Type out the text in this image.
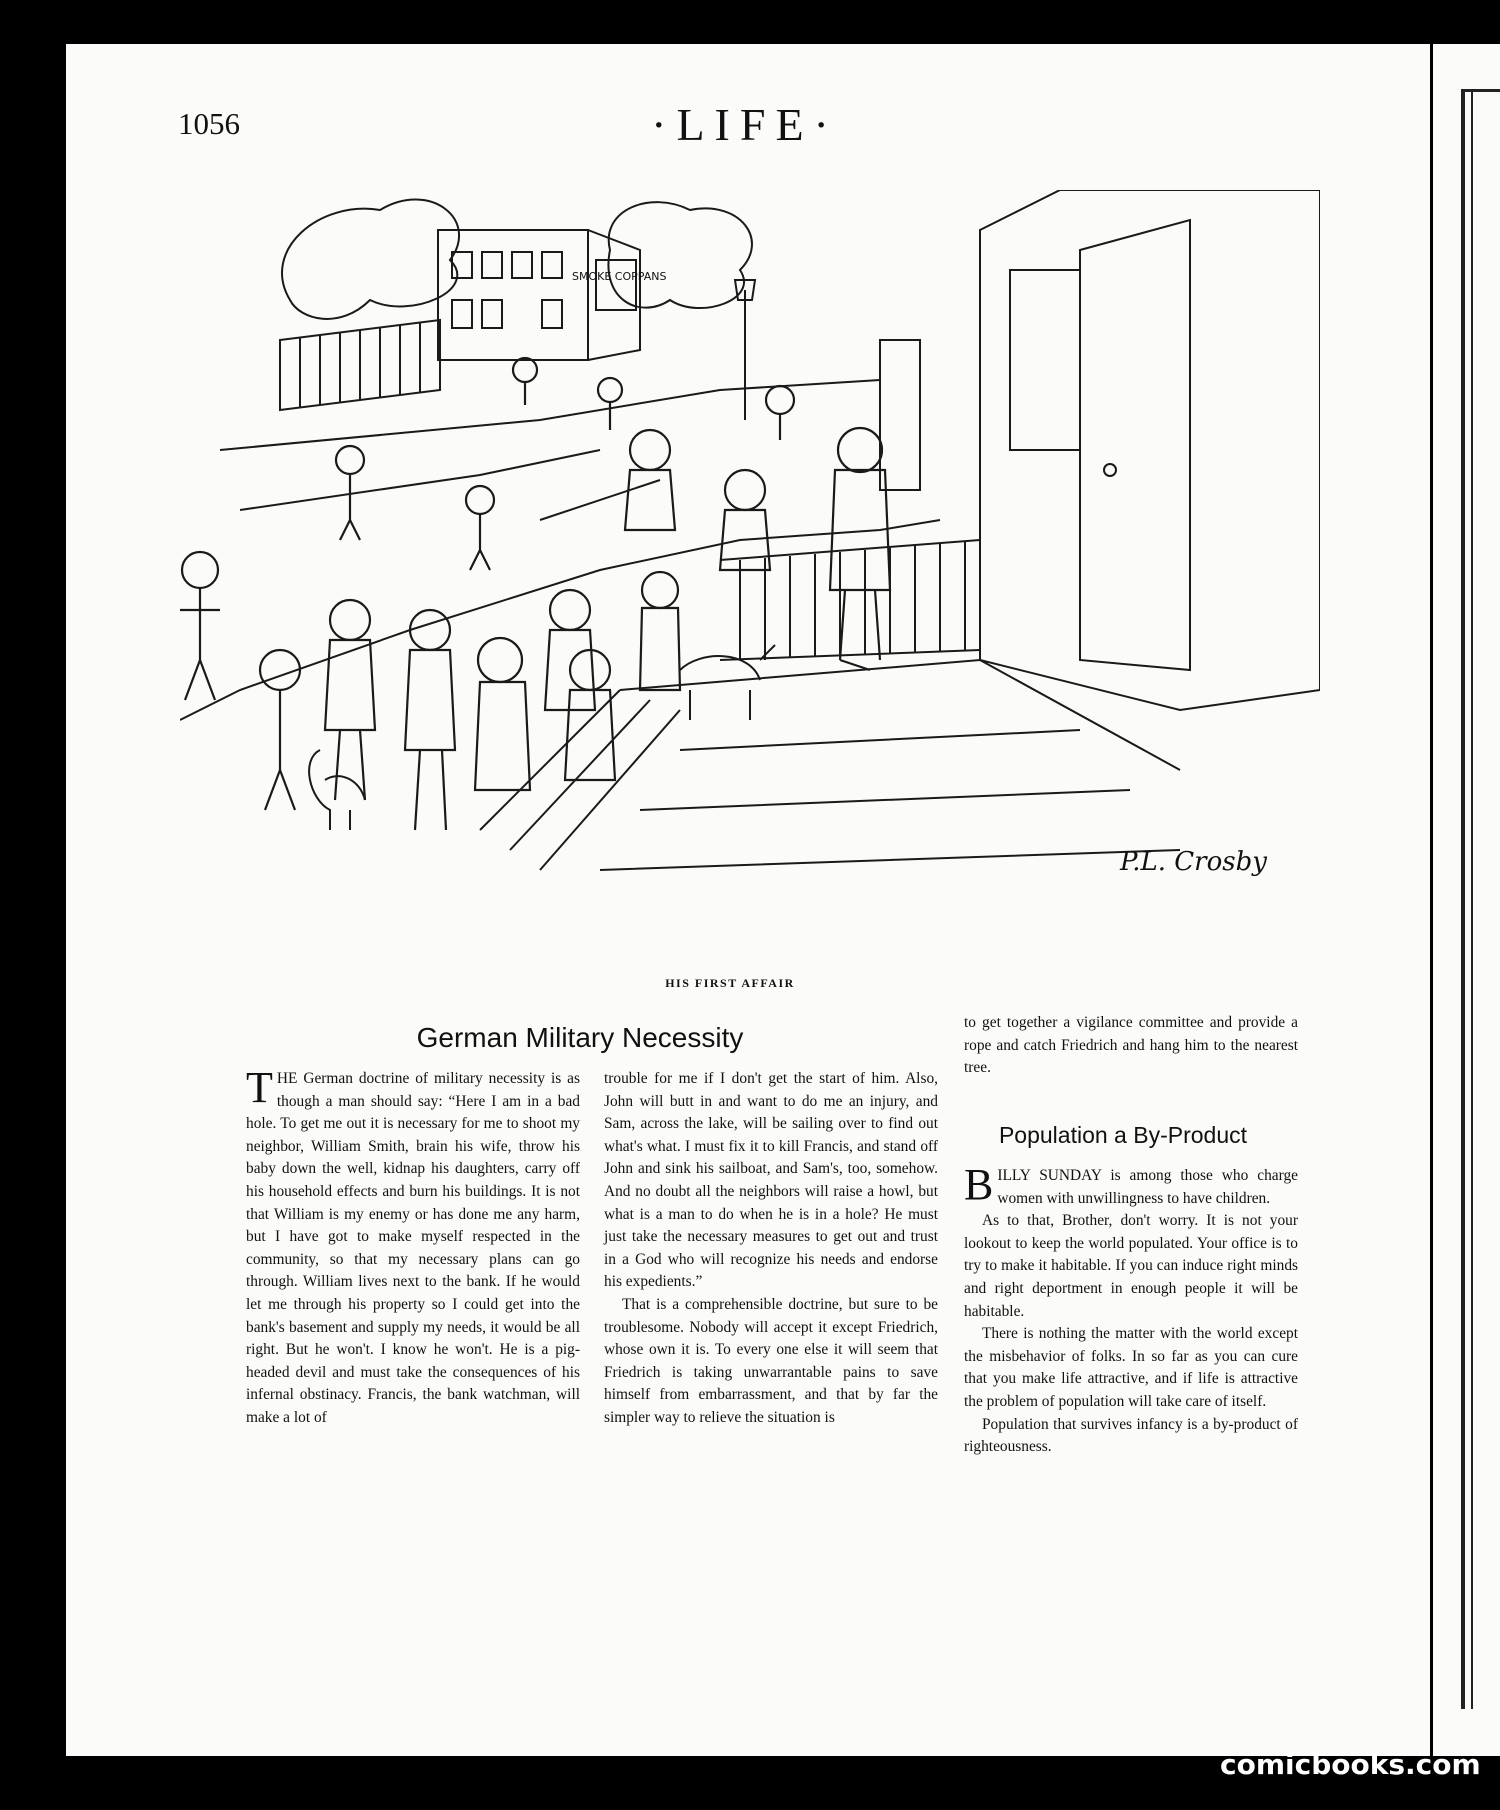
1056	·LIFE·
SMOKE COPPANS
P.L. Crosby
HIS FIRST AFFAIR
German Military Necessity

THE German doctrine of military necessity is as though a man should say: “Here I am in a bad hole. To get me out it is necessary for me to shoot my neighbor, William Smith, brain his wife, throw his baby down the well, kidnap his daughters, carry off his household effects and burn his buildings. It is not that William is my enemy or has done me any harm, but I have got to make myself respected in the community, so that my necessary plans can go through. William lives next to the bank. If he would let me through his property so I could get into the bank's basement and supply my needs, it would be all right. But he won't. I know he won't. He is a pig-headed devil and must take the consequences of his infernal obstinacy. Francis, the bank watchman, will make a lot of

trouble for me if I don't get the start of him. Also, John will butt in and want to do me an injury, and Sam, across the lake, will be sailing over to find out what's what. I must fix it to kill Francis, and stand off John and sink his sailboat, and Sam's, too, somehow. And no doubt all the neighbors will raise a howl, but what is a man to do when he is in a hole? He must just take the necessary measures to get out and trust in a God who will recognize his needs and endorse his expedients.”

That is a comprehensible doctrine, but sure to be troublesome. Nobody will accept it except Friedrich, whose own it is. To every one else it will seem that Friedrich is taking unwarrantable pains to save himself from embarrassment, and that by far the simpler way to relieve the situation is

to get together a vigilance committee and provide a rope and catch Friedrich and hang him to the nearest tree.

Population a By-Product

BILLY SUNDAY is among those who charge women with unwillingness to have children.

As to that, Brother, don't worry. It is not your lookout to keep the world populated. Your office is to try to make it habitable. If you can induce right minds and right deportment in enough people it will be habitable.

There is nothing the matter with the world except the misbehavior of folks. In so far as you can cure that you make life attractive, and if life is attractive the problem of population will take care of itself.

Population that survives infancy is a by-product of righteousness.

comicbooks.com
